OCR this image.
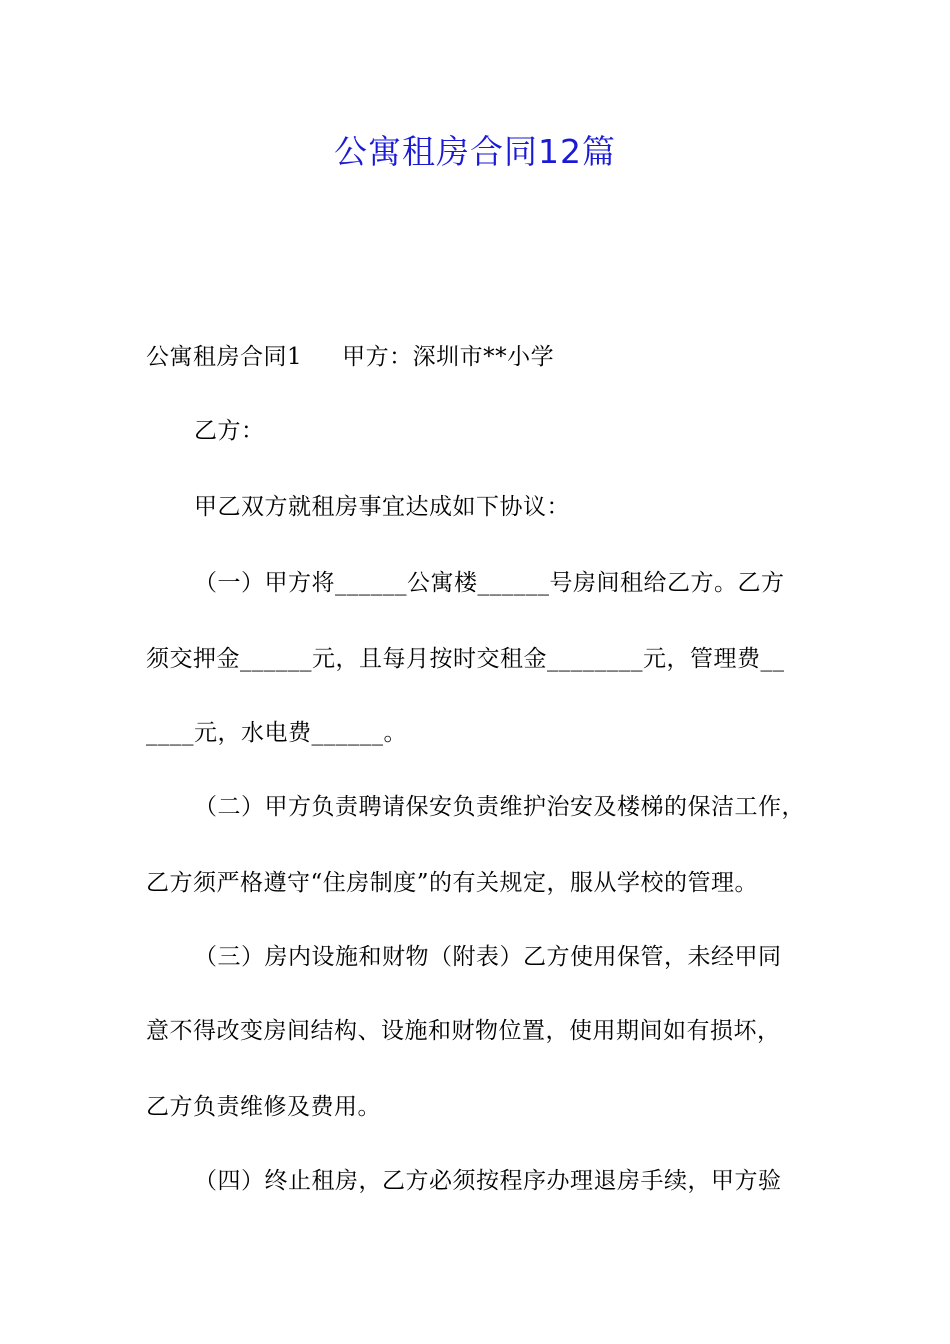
公寓租房合同12篇
公寓租房合同1 甲方：深圳市**小学
乙方：
甲乙双方就租房事宜达成如下协议：
（一）甲方将______公寓楼______号房间租给乙方。乙方
须交押金______元，且每月按时交租金________元，管理费__
____元，水电费______。
（二）甲方负责聘请保安负责维护治安及楼梯的保洁工作，
乙方须严格遵守“住房制度”的有关规定，服从学校的管理。
（三）房内设施和财物（附表）乙方使用保管，未经甲同
意不得改变房间结构、设施和财物位置，使用期间如有损坏，
乙方负责维修及费用。
（四）终止租房，乙方必须按程序办理退房手续，甲方验
